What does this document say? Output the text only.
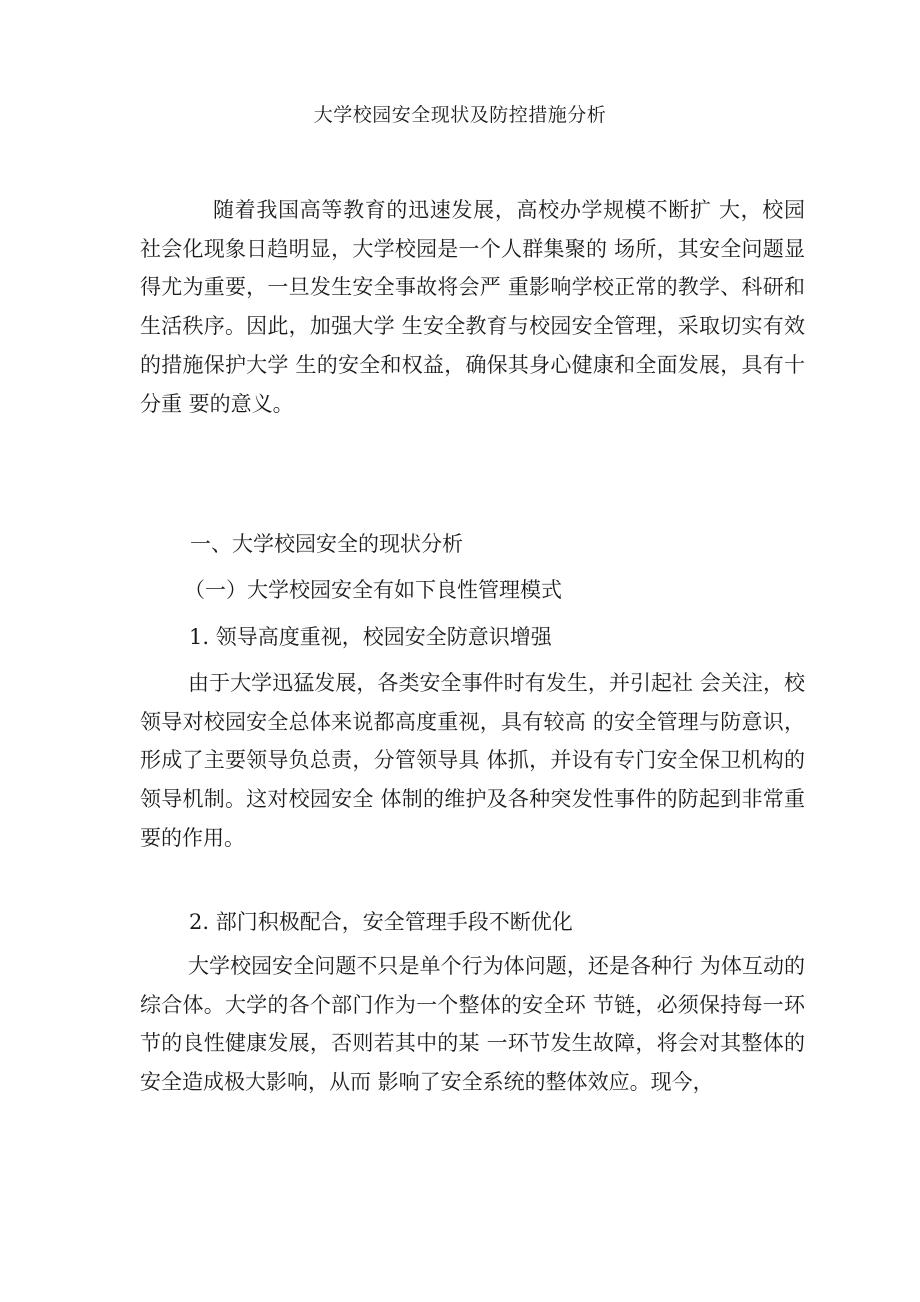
大学校园安全现状及防控措施分析

随着我国高等教育的迅速发展，高校办学规模不断扩 大，校园社会化现象日趋明显，大学校园是一个人群集聚的 场所，其安全问题显得尤为重要，一旦发生安全事故将会严 重影响学校正常的教学、科研和生活秩序。因此，加强大学 生安全教育与校园安全管理，采取切实有效的措施保护大学 生的安全和权益，确保其身心健康和全面发展，具有十分重 要的意义。

一、大学校园安全的现状分析
（一）大学校园安全有如下良性管理模式
1. 领导高度重视，校园安全防意识增强

由于大学迅猛发展，各类安全事件时有发生，并引起社 会关注，校领导对校园安全总体来说都高度重视，具有较高 的安全管理与防意识，形成了主要领导负总责，分管领导具 体抓，并设有专门安全保卫机构的领导机制。这对校园安全 体制的维护及各种突发性事件的防起到非常重要的作用。

2. 部门积极配合，安全管理手段不断优化

大学校园安全问题不只是单个行为体问题，还是各种行 为体互动的综合体。大学的各个部门作为一个整体的安全环 节链，必须保持每一环节的良性健康发展，否则若其中的某 一环节发生故障，将会对其整体的安全造成极大影响，从而 影响了安全系统的整体效应。现今，
